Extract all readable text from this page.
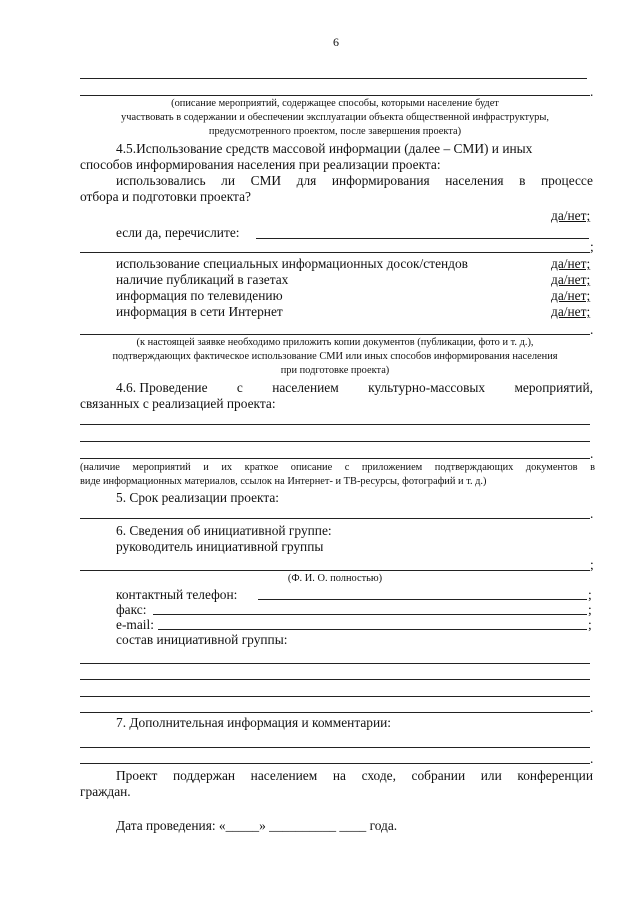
6
.
(описание мероприятий, содержащее способы, которыми население будет
участвовать в содержании и обеспечении эксплуатации объекта общественной инфраструктуры,
предусмотренного проектом, после завершения проекта)
4.5.Использование средств массовой информации (далее – СМИ) и иных
способов информирования населения при реализации проекта:
использовались ли СМИ для информирования населения в процессе
отбора и подготовки проекта?
да/нет;
если да, перечислите:
;
использование специальных информационных досок/стендов	да/нет;
наличие публикаций в газетах	да/нет;
информация по телевидению	да/нет;
информация в сети Интернет	да/нет;
.
(к настоящей заявке необходимо приложить копии документов (публикации, фото и т. д.),
подтверждающих фактическое использование СМИ или иных способов информирования населения
при подготовке проекта)
4.6. Проведение с населением культурно-массовых мероприятий,
связанных с реализацией проекта:
.
(наличие мероприятий и их краткое описание с приложением подтверждающих документов в
виде информационных материалов, ссылок на Интернет- и ТВ-ресурсы, фотографий и т. д.)
5. Срок реализации проекта:
.
6. Сведения об инициативной группе:
руководитель инициативной группы
;
(Ф. И. О. полностью)
контактный телефон:	;
факс:	;
e-mail:	;
состав инициативной группы:
.
7. Дополнительная информация и комментарии:
.
Проект поддержан населением на сходе, собрании или конференции
граждан.
Дата проведения: «_____» __________ ____ года.
